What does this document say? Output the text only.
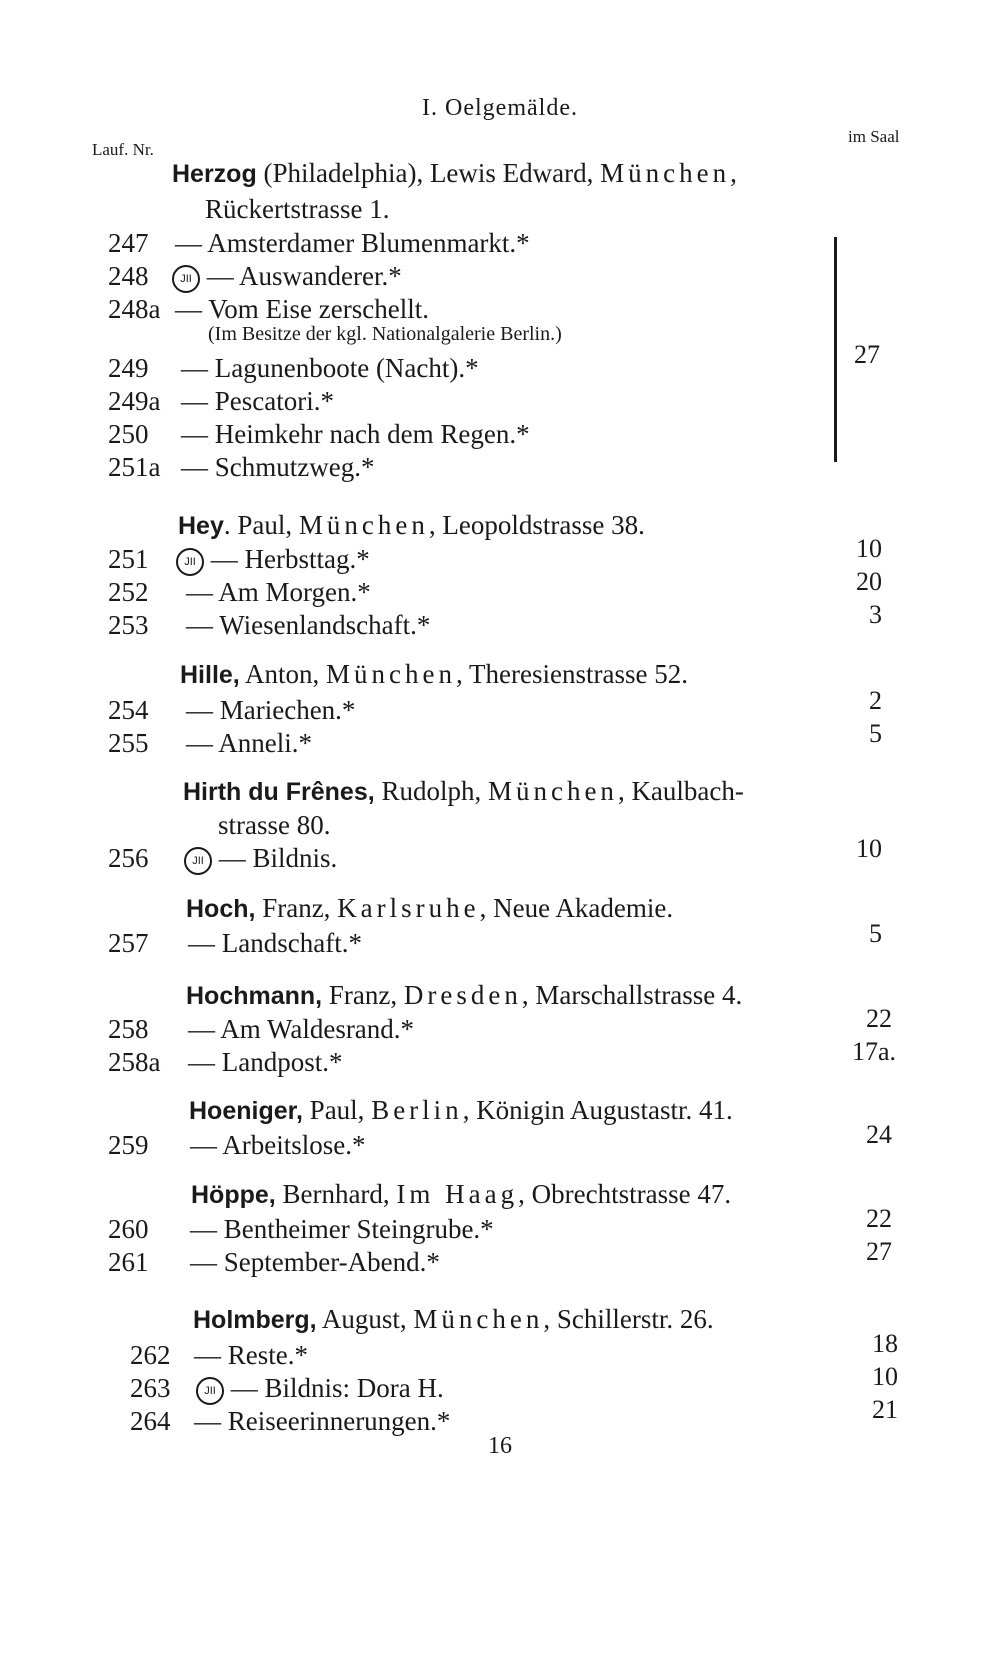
I. Oelgemälde.
Lauf. Nr.
im Saal
Herzog (Philadelphia), Lewis Edward, München,
Rückertstrasse 1.
247 — Amsterdamer Blumenmarkt.*
248	JII — Auswanderer.*
248a — Vom Eise zerschellt.
(Im Besitze der kgl. Nationalgalerie Berlin.)
249 — Lagunenboote (Nacht).*
249a — Pescatori.*
250 — Heimkehr nach dem Regen.*
251a — Schmutzweg.*
27
Hey. Paul, München, Leopoldstrasse 38.
251	JII — Herbsttag.*	10
252 — Am Morgen.*	20
253 — Wiesenlandschaft.*	3
Hille, Anton, München, Theresienstrasse 52.
254 — Mariechen.*	2
255 — Anneli.*	5
Hirth du Frênes, Rudolph, München, Kaulbach-
strasse 80.
256	JII — Bildnis.	10
Hoch, Franz, Karlsruhe, Neue Akademie.
257 — Landschaft.*	5
Hochmann, Franz, Dresden, Marschallstrasse 4.
258 — Am Waldesrand.*	22
258a — Landpost.*	17a.
Hoeniger, Paul, Berlin, Königin Augustastr. 41.
259 — Arbeitslose.*	24
Höppe, Bernhard, Im Haag, Obrechtstrasse 47.
260 — Bentheimer Steingrube.*	22
261 — September-Abend.*	27
Holmberg, August, München, Schillerstr. 26.
262 — Reste.*	18
263	JII — Bildnis: Dora H.	10
264 — Reiseerinnerungen.*	21
16
